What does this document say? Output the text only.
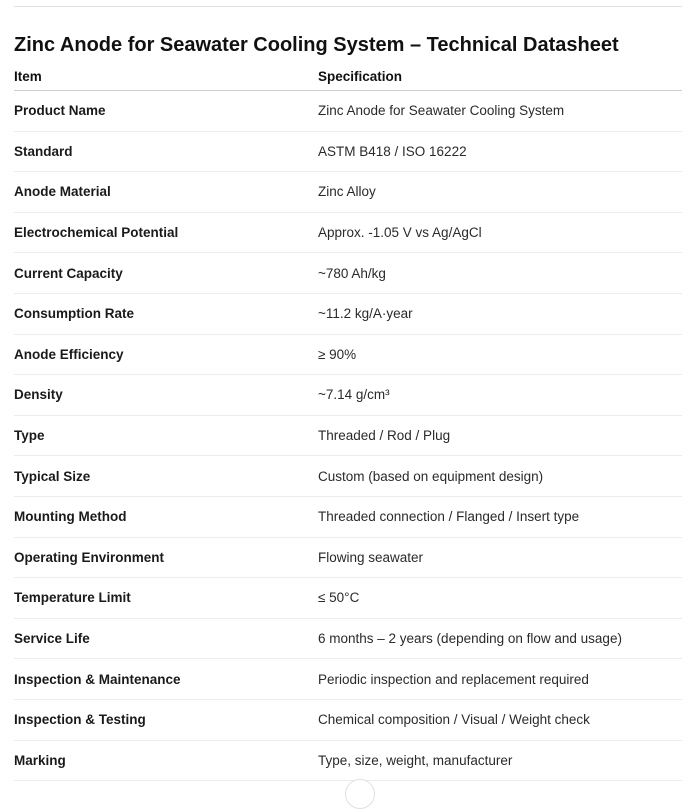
Zinc Anode for Seawater Cooling System – Technical Datasheet
Item	Specification
Product Name	Zinc Anode for Seawater Cooling System
Standard	ASTM B418 / ISO 16222
Anode Material	Zinc Alloy
Electrochemical Potential	Approx. -1.05 V vs Ag/AgCl
Current Capacity	~780 Ah/kg
Consumption Rate	~11.2 kg/A·year
Anode Efficiency	≥ 90%
Density	~7.14 g/cm³
Type	Threaded / Rod / Plug
Typical Size	Custom (based on equipment design)
Mounting Method	Threaded connection / Flanged / Insert type
Operating Environment	Flowing seawater
Temperature Limit	≤ 50°C
Service Life	6 months – 2 years (depending on flow and usage)
Inspection & Maintenance	Periodic inspection and replacement required
Inspection & Testing	Chemical composition / Visual / Weight check
Marking	Type, size, weight, manufacturer
